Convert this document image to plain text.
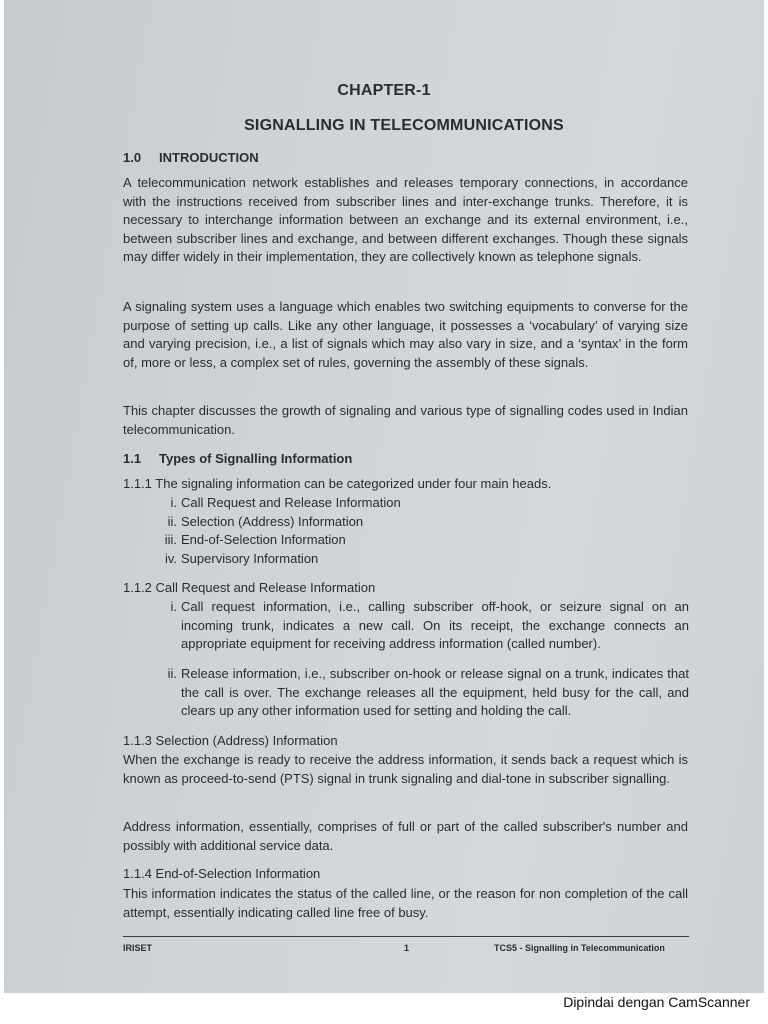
CHAPTER-1
SIGNALLING IN TELECOMMUNICATIONS
1.0 INTRODUCTION
A telecommunication network establishes and releases temporary connections, in accordance with the instructions received from subscriber lines and inter-exchange trunks. Therefore, it is necessary to interchange information between an exchange and its external environment, i.e., between subscriber lines and exchange, and between different exchanges. Though these signals may differ widely in their implementation, they are collectively known as telephone signals.
A signaling system uses a language which enables two switching equipments to converse for the purpose of setting up calls. Like any other language, it possesses a ‘vocabulary’ of varying size and varying precision, i.e., a list of signals which may also vary in size, and a ‘syntax’ in the form of, more or less, a complex set of rules, governing the assembly of these signals.
This chapter discusses the growth of signaling and various type of signalling codes used in Indian telecommunication.
1.1 Types of Signalling Information
1.1.1 The signaling information can be categorized under four main heads.
i. Call Request and Release Information
ii. Selection (Address) Information
iii. End-of-Selection Information
iv. Supervisory Information
1.1.2 Call Request and Release Information
i. Call request information, i.e., calling subscriber off-hook, or seizure signal on an incoming trunk, indicates a new call. On its receipt, the exchange connects an appropriate equipment for receiving address information (called number).
ii. Release information, i.e., subscriber on-hook or release signal on a trunk, indicates that the call is over. The exchange releases all the equipment, held busy for the call, and clears up any other information used for setting and holding the call.
1.1.3 Selection (Address) Information
When the exchange is ready to receive the address information, it sends back a request which is known as proceed-to-send (PTS) signal in trunk signaling and dial-tone in subscriber signalling.
Address information, essentially, comprises of full or part of the called subscriber's number and possibly with additional service data.
1.1.4 End-of-Selection Information
This information indicates the status of the called line, or the reason for non completion of the call attempt, essentially indicating called line free of busy.
IRISET	1	TCS5 - Signalling in Telecommunication
Dipindai dengan CamScanner
